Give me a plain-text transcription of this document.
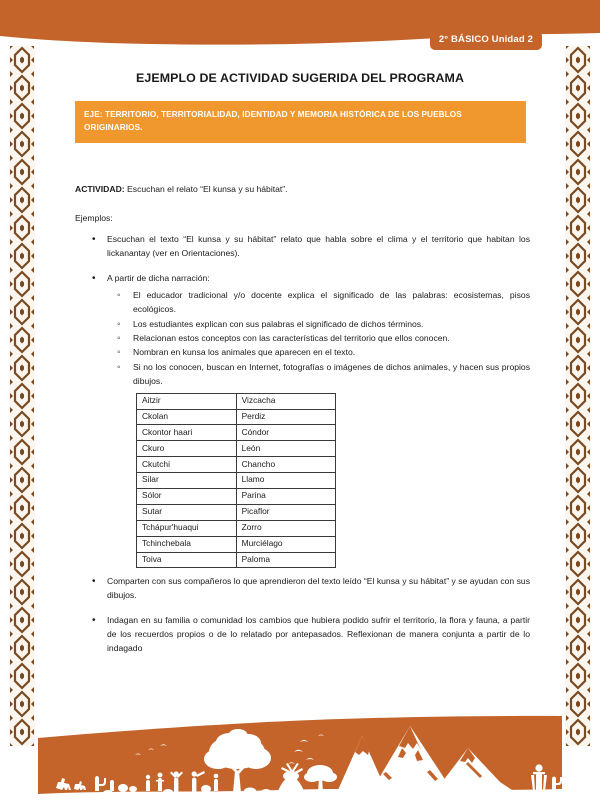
2° BÁSICO Unidad 2
EJEMPLO DE ACTIVIDAD SUGERIDA DEL PROGRAMA
EJE: TERRITORIO, TERRITORIALIDAD, IDENTIDAD Y MEMORIA HISTÓRICA DE LOS PUEBLOS ORIGINARIOS.
ACTIVIDAD: Escuchan el relato “El kunsa y su hábitat”.
Ejemplos:
• Escuchan el texto “El kunsa y su hábitat” relato que habla sobre el clima y el territorio que habitan los lickanantay (ver en Orientaciones).
• A partir de dicha narración:
◦ El educador tradicional y/o docente explica el significado de las palabras: ecosistemas, pisos ecológicos.
◦ Los estudiantes explican con sus palabras el significado de dichos términos.
◦ Relacionan estos conceptos con las características del territorio que ellos conocen.
◦ Nombran en kunsa los animales que aparecen en el texto.
◦ Si no los conocen, buscan en Internet, fotografías o imágenes de dichos animales, y hacen sus propios dibujos.
Aitzir	Vizcacha
Ckolan	Perdiz
Ckontor haari	Cóndor
Ckuro	León
Ckutchi	Chancho
Silar	Llamo
Sólor	Parina
Sutar	Picaflor
Tchápur'huaqui	Zorro
Tchinchebala	Murciélago
Toiva	Paloma
• Comparten con sus compañeros lo que aprendieron del texto leído “El kunsa y su hábitat” y se ayudan con sus dibujos.
• Indagan en su familia o comunidad los cambios que hubiera podido sufrir el territorio, la flora y fauna, a partir de los recuerdos propios o de lo relatado por antepasados. Reflexionan de manera conjunta a partir de lo indagado
